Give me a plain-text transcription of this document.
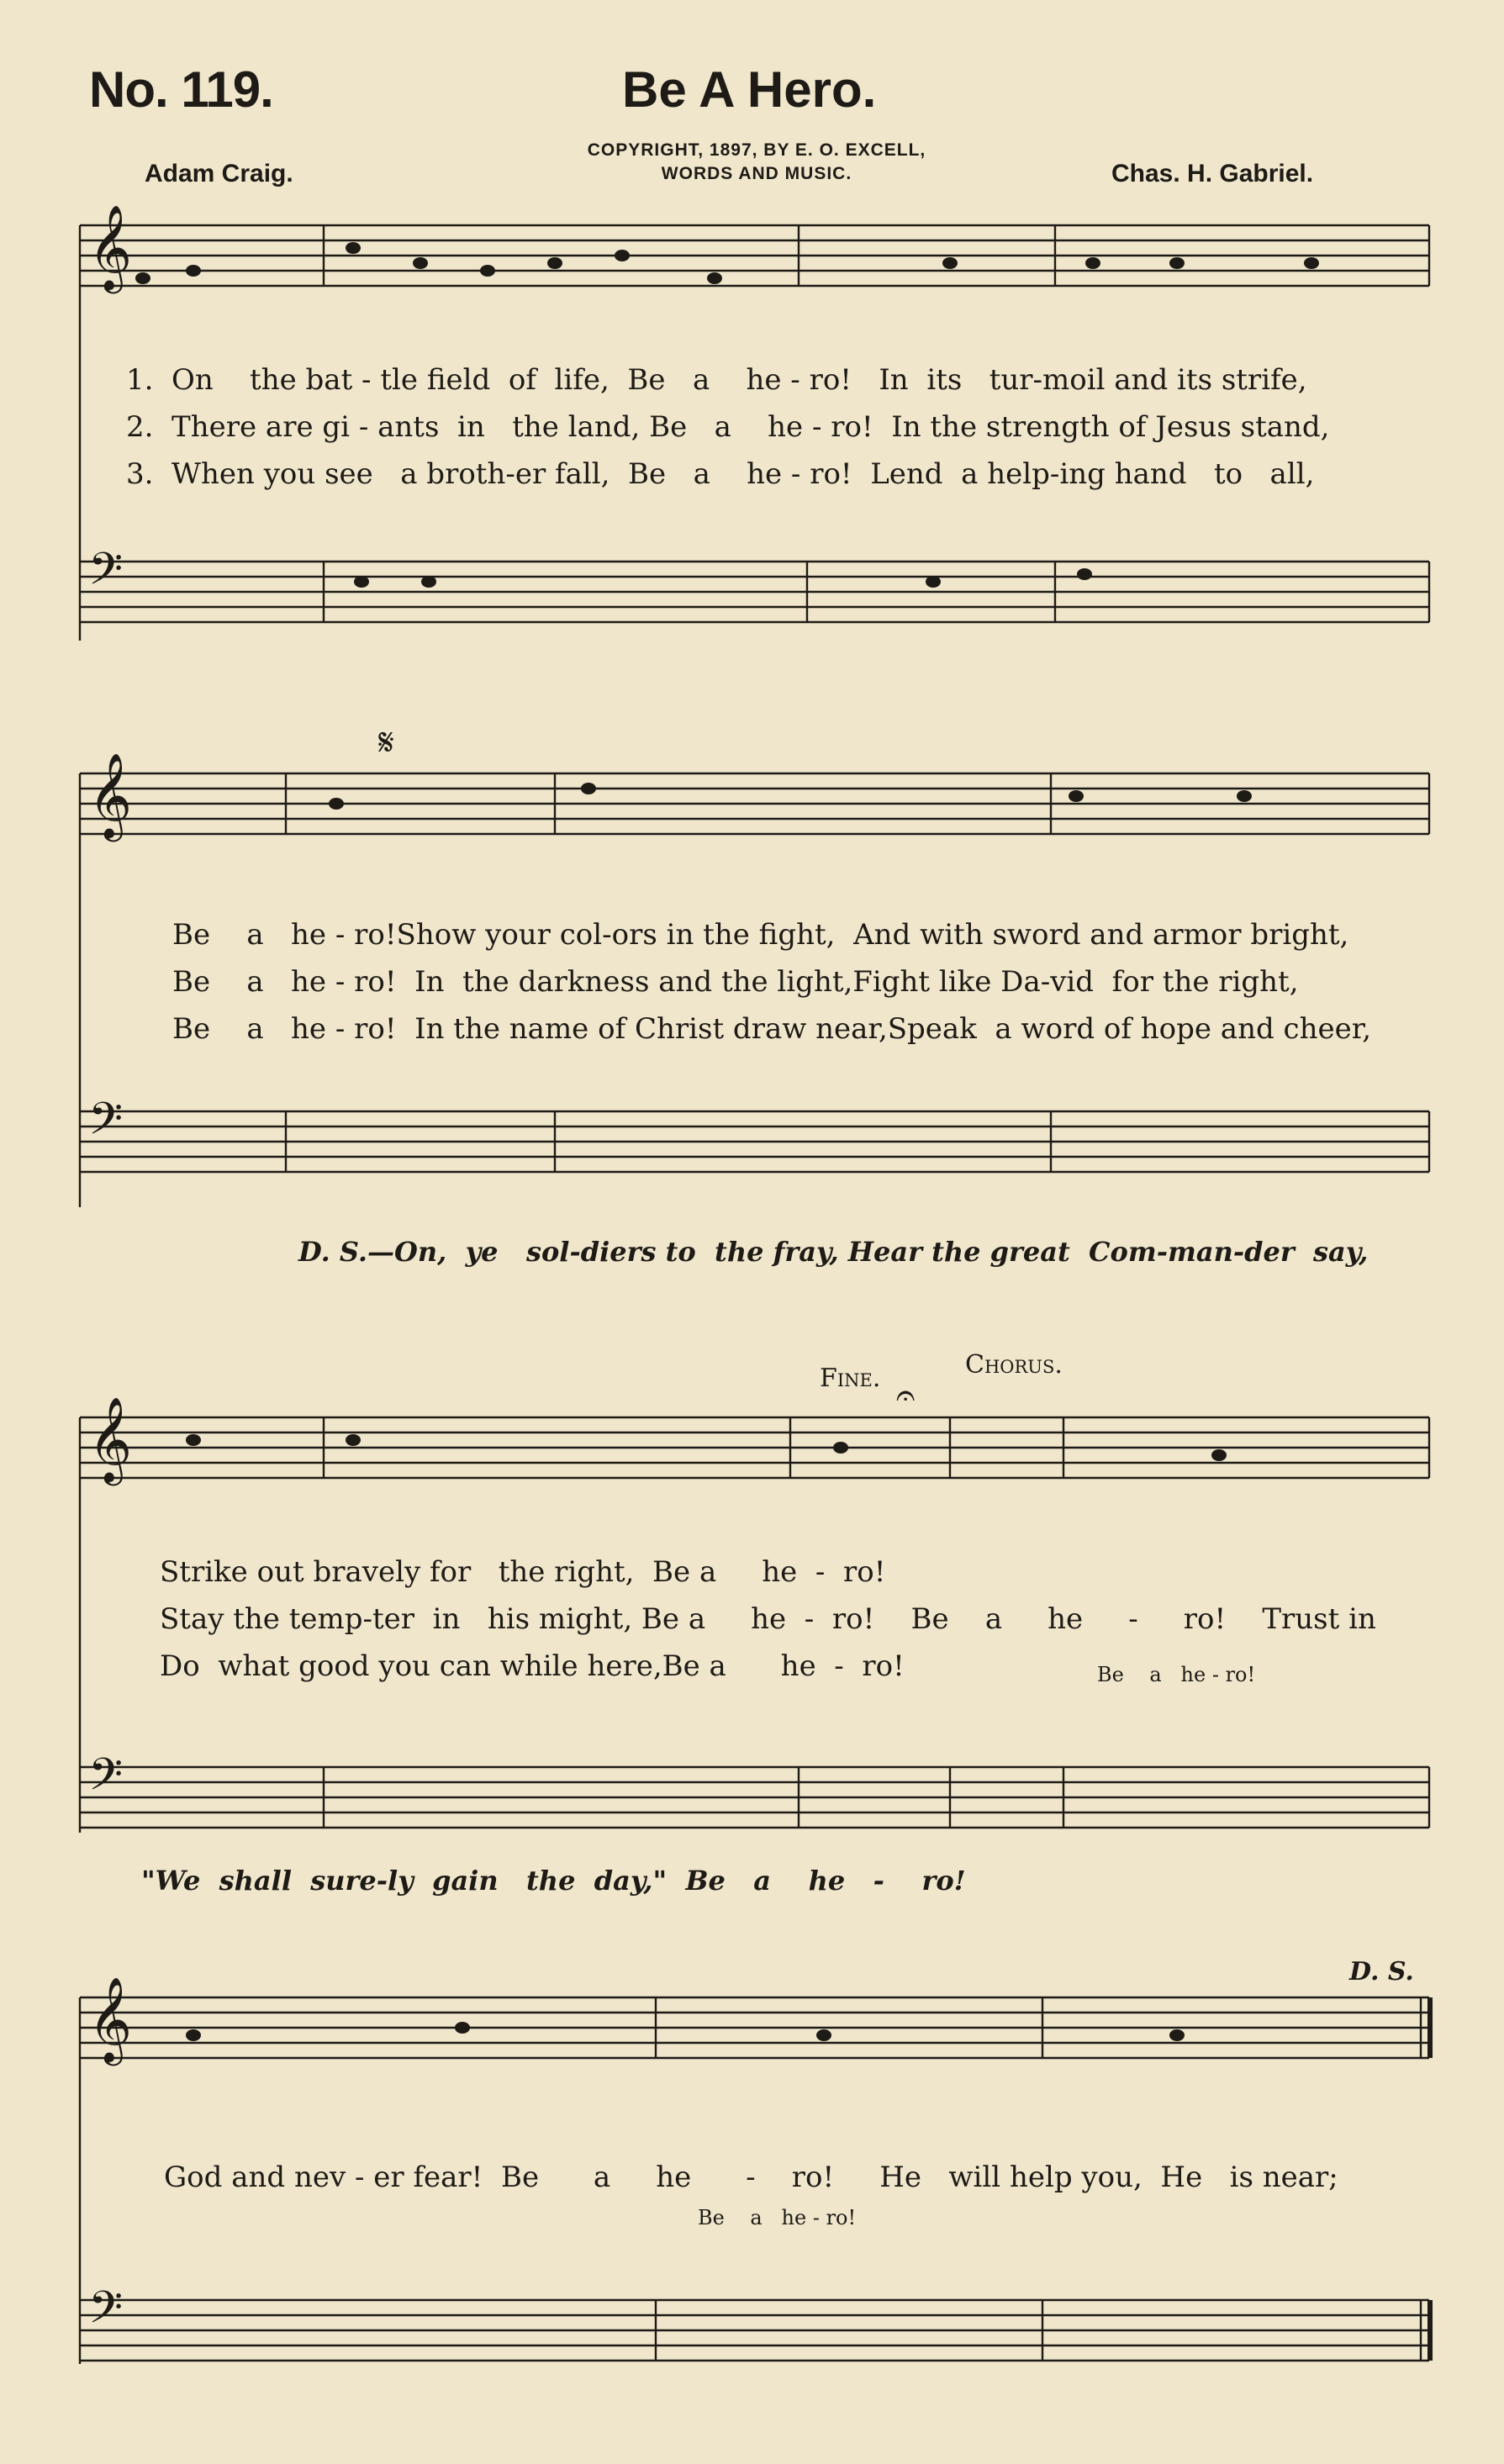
No. 119.	Be A Hero.
COPYRIGHT, 1897, BY E. O. EXCELL,
WORDS AND MUSIC.
Adam Craig.	Chas. H. Gabriel.
𝄞
𝄢
𝄞
𝄢
𝄞
𝄢
𝄞
𝄢
𝄋
𝄐
1.  On    the bat - tle field  of  life,  Be   a    he - ro!   In  its   tur-moil and its strife,
2.  There are gi - ants  in   the land, Be   a    he - ro!  In the strength of Jesus stand,
3.  When you see   a broth-er fall,  Be   a    he - ro!  Lend  a help-ing hand   to   all,
Be    a   he - ro!Show your col-ors in the fight,  And with sword and armor bright,
Be    a   he - ro!  In  the darkness and the light,Fight like Da-vid  for the right,
Be    a   he - ro!  In the name of Christ draw near,Speak  a word of hope and cheer,
D. S.—On,  ye   sol-diers to  the fray, Hear the great  Com-man-der  say,
Fine.	Chorus.
Strike out bravely for   the right,  Be a     he  -  ro!
Stay the temp-ter  in   his might, Be a     he  -  ro!    Be    a     he     -     ro!    Trust in
Do  what good you can while here,Be a      he  -  ro!	Be    a   he - ro!
"We  shall  sure-ly  gain   the  day,"  Be   a    he   -    ro!
D. S.
God and nev - er fear!  Be      a     he      -    ro!     He   will help you,  He   is near;
Be    a   he - ro!
